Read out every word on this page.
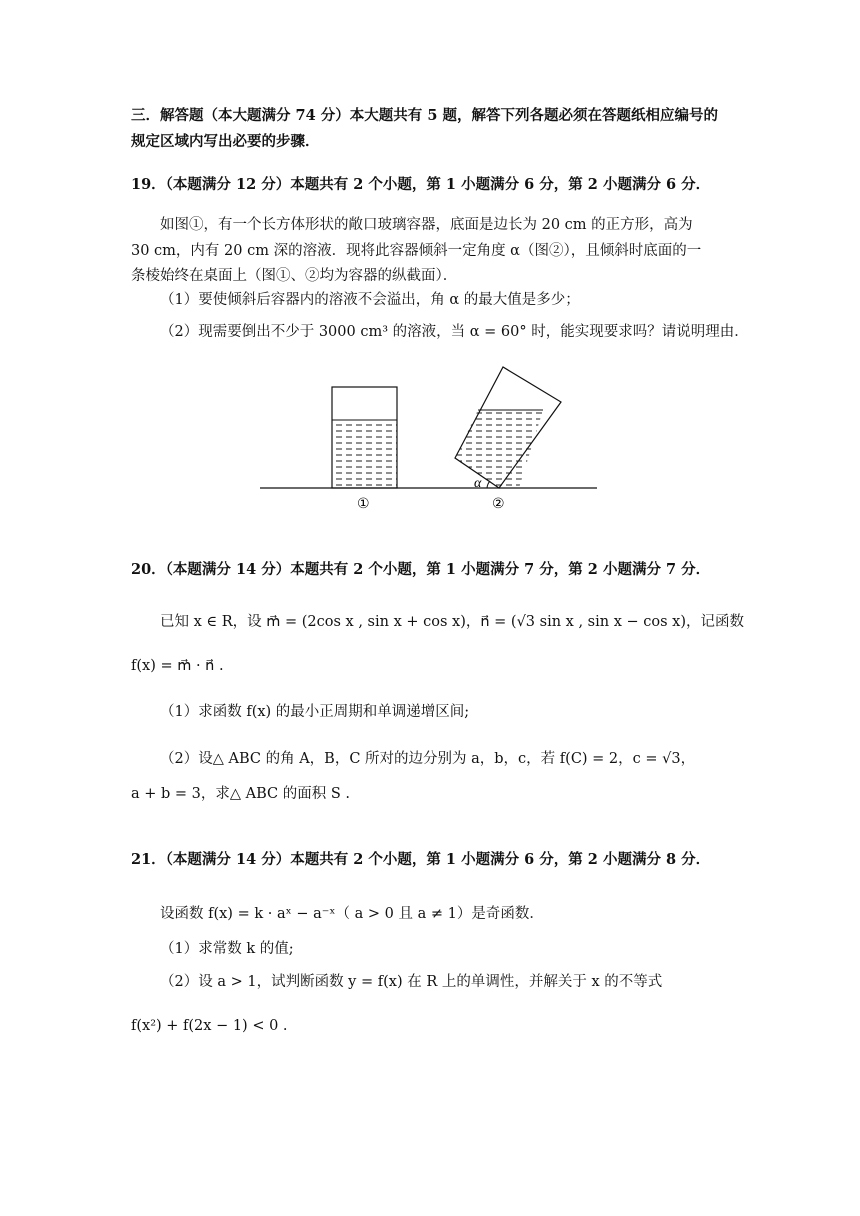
三．解答题（本大题满分 74 分）本大题共有 5 题，解答下列各题必须在答题纸相应编号的
规定区域内写出必要的步骤．
19．（本题满分 12 分）本题共有 2 个小题，第 1 小题满分 6 分，第 2 小题满分 6 分．
如图①，有一个长方体形状的敞口玻璃容器，底面是边长为 20 cm 的正方形，高为
30 cm，内有 20 cm 深的溶液．现将此容器倾斜一定角度 α（图②），且倾斜时底面的一
条棱始终在桌面上（图①、②均为容器的纵截面）．
（1）要使倾斜后容器内的溶液不会溢出，角 α 的最大值是多少；
（2）现需要倒出不少于 3000 cm³ 的溶液，当 α = 60° 时，能实现要求吗？请说明理由．
α
①	②
20．（本题满分 14 分）本题共有 2 个小题，第 1 小题满分 7 分，第 2 小题满分 7 分．
已知 x ∈ R，设 m⃗ = (2cos x , sin x + cos x)，n⃗ = (√3 sin x , sin x − cos x)，记函数
f(x) = m⃗ · n⃗ .
（1）求函数 f(x) 的最小正周期和单调递增区间;
（2）设△ ABC 的角 A，B，C 所对的边分别为 a，b，c，若 f(C) = 2，c = √3，
a + b = 3，求△ ABC 的面积 S .
21．（本题满分 14 分）本题共有 2 个小题，第 1 小题满分 6 分，第 2 小题满分 8 分．
设函数 f(x) = k · aˣ − a⁻ˣ（ a > 0 且 a ≠ 1）是奇函数．
（1）求常数 k 的值;
（2）设 a > 1，试判断函数 y = f(x) 在 R 上的单调性，并解关于 x 的不等式
f(x²) + f(2x − 1) < 0 .
